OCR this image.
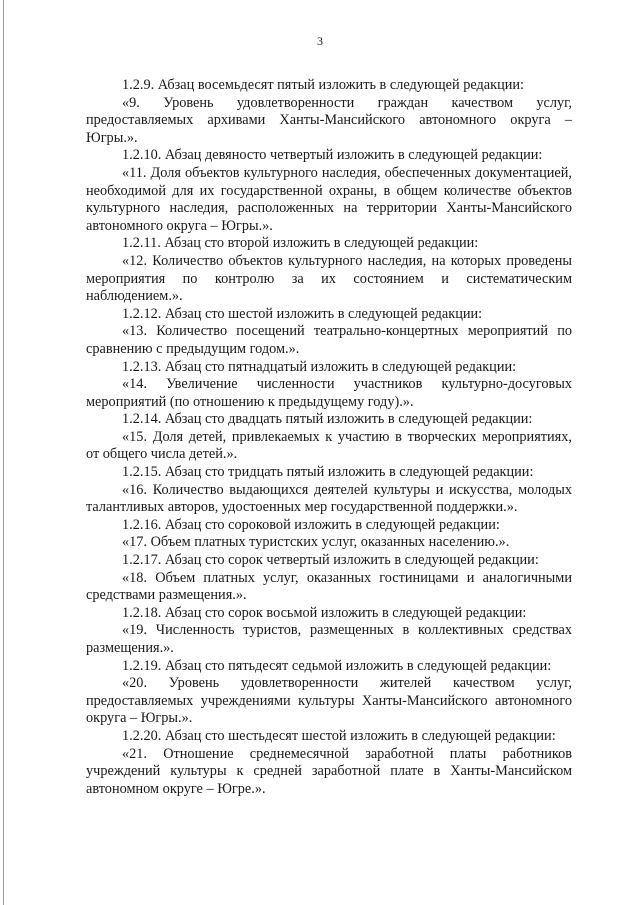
3

1.2.9. Абзац восемьдесят пятый изложить в следующей редакции:

«9. Уровень удовлетворенности граждан качеством услуг, предоставляемых архивами Ханты-Мансийского автономного округа – Югры.».

1.2.10. Абзац девяносто четвертый изложить в следующей редакции:

«11. Доля объектов культурного наследия, обеспеченных документацией, необходимой для их государственной охраны, в общем количестве объектов культурного наследия, расположенных на территории Ханты-Мансийского автономного округа – Югры.».

1.2.11. Абзац сто второй изложить в следующей редакции:

«12. Количество объектов культурного наследия, на которых проведены мероприятия по контролю за их состоянием и систематическим наблюдением.».

1.2.12. Абзац сто шестой изложить в следующей редакции:

«13. Количество посещений театрально-концертных мероприятий по сравнению с предыдущим годом.».

1.2.13. Абзац сто пятнадцатый изложить в следующей редакции:

«14. Увеличение численности участников культурно-досуговых мероприятий (по отношению к предыдущему году).».

1.2.14. Абзац сто двадцать пятый изложить в следующей редакции:

«15. Доля детей, привлекаемых к участию в творческих мероприятиях, от общего числа детей.».

1.2.15. Абзац сто тридцать пятый изложить в следующей редакции:

«16. Количество выдающихся деятелей культуры и искусства, молодых талантливых авторов, удостоенных мер государственной поддержки.».

1.2.16. Абзац сто сороковой изложить в следующей редакции:

«17. Объем платных туристских услуг, оказанных населению.».

1.2.17. Абзац сто сорок четвертый изложить в следующей редакции:

«18. Объем платных услуг, оказанных гостиницами и аналогичными средствами размещения.».

1.2.18. Абзац сто сорок восьмой изложить в следующей редакции:

«19. Численность туристов, размещенных в коллективных средствах размещения.».

1.2.19. Абзац сто пятьдесят седьмой изложить в следующей редакции:

«20. Уровень удовлетворенности жителей качеством услуг, предоставляемых учреждениями культуры Ханты-Мансийского автономного округа – Югры.».

1.2.20. Абзац сто шестьдесят шестой изложить в следующей редакции:

«21. Отношение среднемесячной заработной платы работников учреждений культуры к средней заработной плате в Ханты-Мансийском автономном округе – Югре.».
